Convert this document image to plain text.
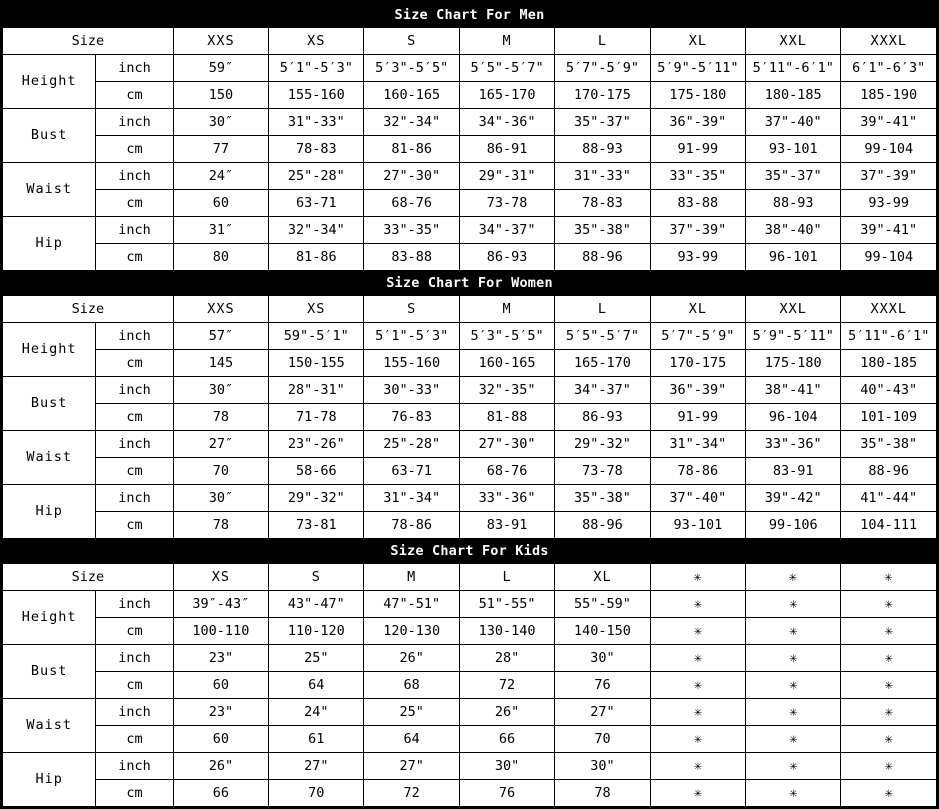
Size Chart For Men									
Size		XXS	XS	S	M	L	XL	XXL	XXXL
Height	inch	59″	5′1"-5′3"	5′3"-5′5"	5′5"-5′7"	5′7"-5′9"	5′9"-5′11"	5′11"-6′1"	6′1"-6′3"
	cm	150	155-160	160-165	165-170	170-175	175-180	180-185	185-190
Bust	inch	30″	31"-33"	32"-34"	34"-36"	35"-37"	36"-39"	37"-40"	39"-41"
	cm	77	78-83	81-86	86-91	88-93	91-99	93-101	99-104
Waist	inch	24″	25"-28"	27"-30"	29"-31"	31"-33"	33"-35"	35"-37"	37"-39"
	cm	60	63-71	68-76	73-78	78-83	83-88	88-93	93-99
Hip	inch	31″	32"-34"	33"-35"	34"-37"	35"-38"	37"-39"	38"-40"	39"-41"
	cm	80	81-86	83-88	86-93	88-96	93-99	96-101	99-104
Size Chart For Women									
Size		XXS	XS	S	M	L	XL	XXL	XXXL
Height	inch	57″	59"-5′1"	5′1"-5′3"	5′3"-5′5"	5′5"-5′7"	5′7"-5′9"	5′9"-5′11"	5′11"-6′1"
	cm	145	150-155	155-160	160-165	165-170	170-175	175-180	180-185
Bust	inch	30″	28"-31"	30"-33"	32"-35"	34"-37"	36"-39"	38"-41"	40"-43"
	cm	78	71-78	76-83	81-88	86-93	91-99	96-104	101-109
Waist	inch	27″	23"-26"	25"-28"	27"-30"	29"-32"	31"-34"	33"-36"	35"-38"
	cm	70	58-66	63-71	68-76	73-78	78-86	83-91	88-96
Hip	inch	30″	29"-32"	31"-34"	33"-36"	35"-38"	37"-40"	39"-42"	41"-44"
	cm	78	73-81	78-86	83-91	88-96	93-101	99-106	104-111
Size Chart For Kids									
Size		XS	S	M	L	XL	✳	✳	✳
Height	inch	39″-43″	43"-47"	47"-51"	51"-55"	55"-59"	✳	✳	✳
	cm	100-110	110-120	120-130	130-140	140-150	✳	✳	✳
Bust	inch	23"	25"	26"	28"	30"	✳	✳	✳
	cm	60	64	68	72	76	✳	✳	✳
Waist	inch	23"	24"	25"	26"	27"	✳	✳	✳
	cm	60	61	64	66	70	✳	✳	✳
Hip	inch	26"	27"	27"	30"	30"	✳	✳	✳
	cm	66	70	72	76	78	✳	✳	✳
